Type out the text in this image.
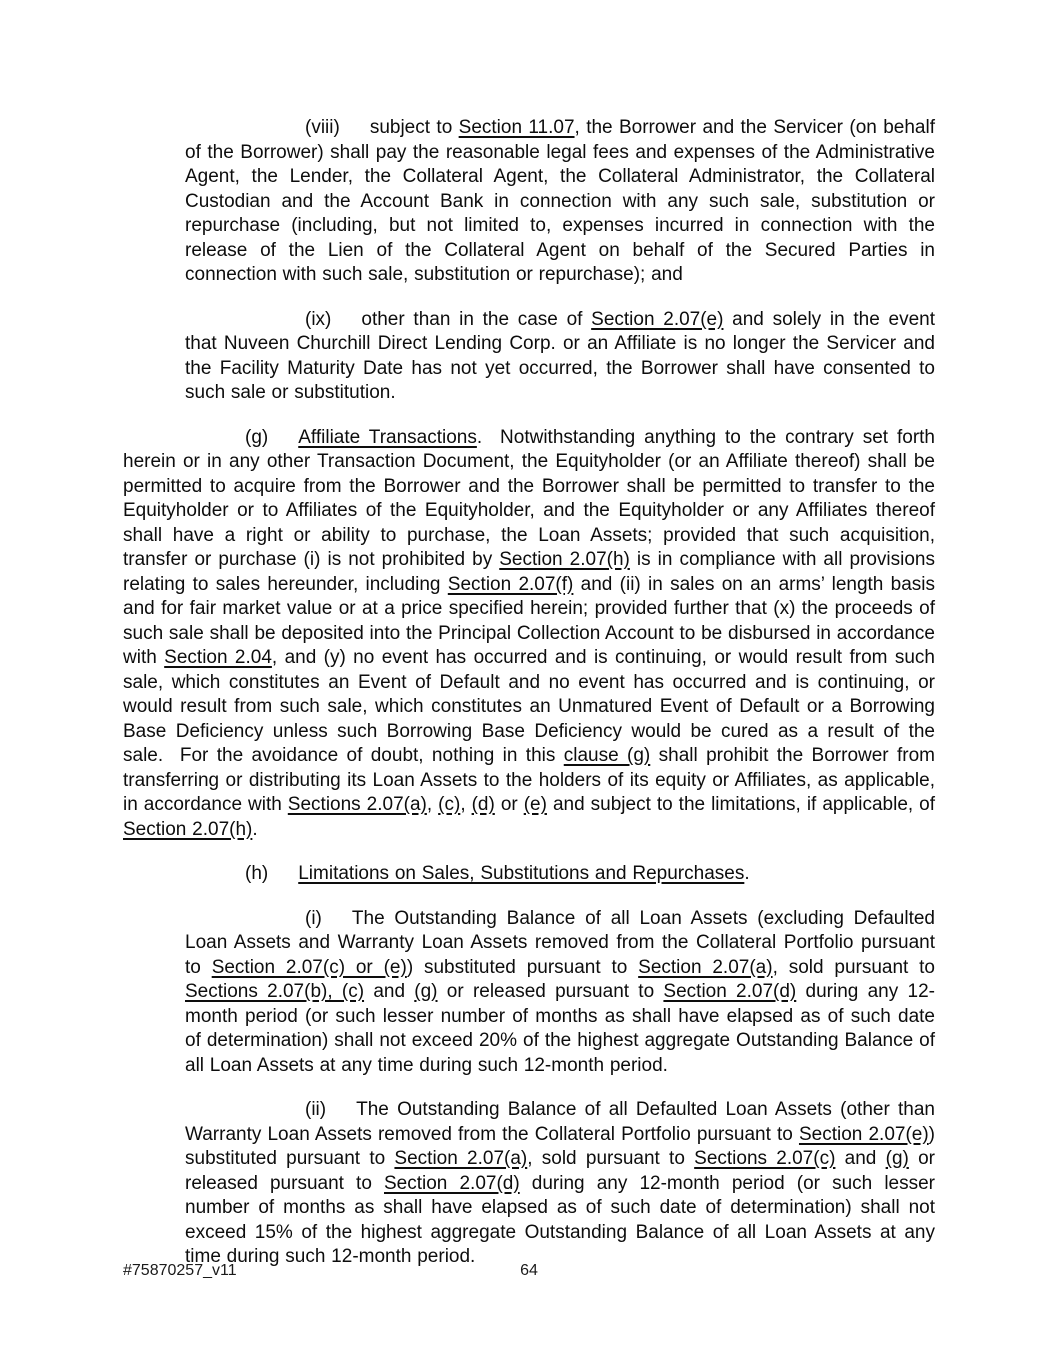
(viii) subject to Section 11.07, the Borrower and the Servicer (on behalf of the Borrower) shall pay the reasonable legal fees and expenses of the Administrative Agent, the Lender, the Collateral Agent, the Collateral Administrator, the Collateral Custodian and the Account Bank in connection with any such sale, substitution or repurchase (including, but not limited to, expenses incurred in connection with the release of the Lien of the Collateral Agent on behalf of the Secured Parties in connection with such sale, substitution or repurchase); and

(ix) other than in the case of Section 2.07(e) and solely in the event that Nuveen Churchill Direct Lending Corp. or an Affiliate is no longer the Servicer and the Facility Maturity Date has not yet occurred, the Borrower shall have consented to such sale or substitution.

(g) Affiliate Transactions.  Notwithstanding anything to the contrary set forth herein or in any other Transaction Document, the Equityholder (or an Affiliate thereof) shall be permitted to acquire from the Borrower and the Borrower shall be permitted to transfer to the Equityholder or to Affiliates of the Equityholder, and the Equityholder or any Affiliates thereof shall have a right or ability to purchase, the Loan Assets; provided that such acquisition, transfer or purchase (i) is not prohibited by Section 2.07(h) is in compliance with all provisions relating to sales hereunder, including Section 2.07(f) and (ii) in sales on an arms’ length basis and for fair market value or at a price specified herein; provided further that (x) the proceeds of such sale shall be deposited into the Principal Collection Account to be disbursed in accordance with Section 2.04, and (y) no event has occurred and is continuing, or would result from such sale, which constitutes an Event of Default and no event has occurred and is continuing, or would result from such sale, which constitutes an Unmatured Event of Default or a Borrowing Base Deficiency unless such Borrowing Base Deficiency would be cured as a result of the sale.  For the avoidance of doubt, nothing in this clause (g) shall prohibit the Borrower from transferring or distributing its Loan Assets to the holders of its equity or Affiliates, as applicable, in accordance with Sections 2.07(a), (c), (d) or (e) and subject to the limitations, if applicable, of Section 2.07(h).

(h) Limitations on Sales, Substitutions and Repurchases.

(i) The Outstanding Balance of all Loan Assets (excluding Defaulted Loan Assets and Warranty Loan Assets removed from the Collateral Portfolio pursuant to Section 2.07(c) or (e)) substituted pursuant to Section 2.07(a), sold pursuant to Sections 2.07(b), (c) and (g) or released pursuant to Section 2.07(d) during any 12-month period (or such lesser number of months as shall have elapsed as of such date of determination) shall not exceed 20% of the highest aggregate Outstanding Balance of all Loan Assets at any time during such 12-month period.

(ii) The Outstanding Balance of all Defaulted Loan Assets (other than Warranty Loan Assets removed from the Collateral Portfolio pursuant to Section 2.07(e)) substituted pursuant to Section 2.07(a), sold pursuant to Sections 2.07(c) and (g) or released pursuant to Section 2.07(d) during any 12-month period (or such lesser number of months as shall have elapsed as of such date of determination) shall not exceed 15% of the highest aggregate Outstanding Balance of all Loan Assets at any time during such 12-month period.

#75870257_v11	64
